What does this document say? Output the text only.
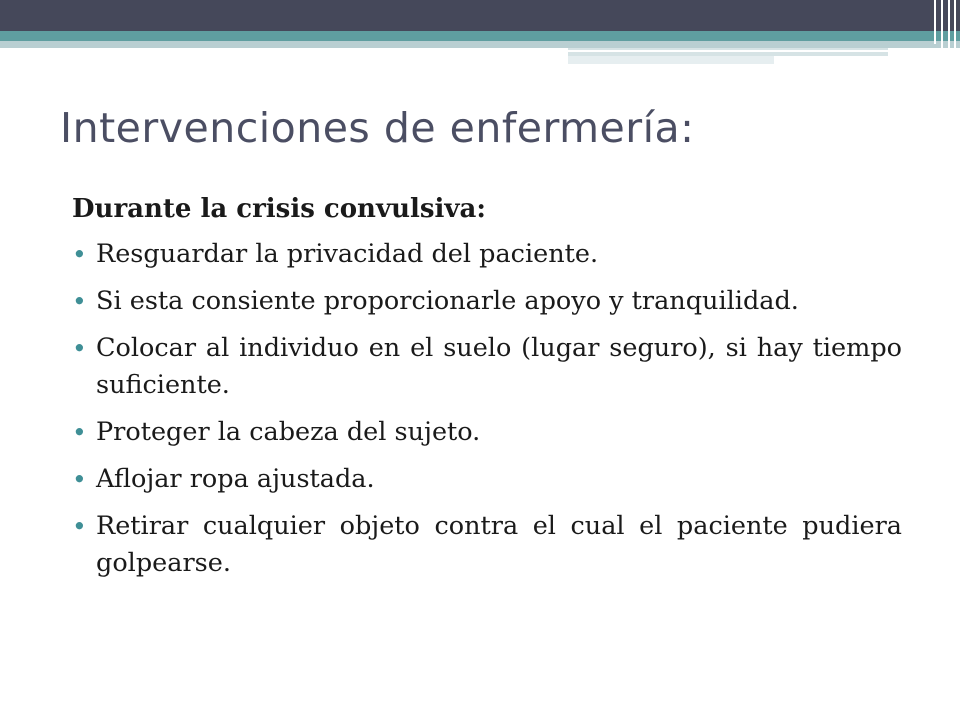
Intervenciones de enfermería:
Durante la crisis convulsiva:
• Resguardar la privacidad del paciente.
• Si esta consiente proporcionarle apoyo y tranquilidad.
• Colocar al individuo en el suelo (lugar seguro), si hay tiempo suficiente.
• Proteger la cabeza del sujeto.
• Aflojar ropa ajustada.
• Retirar cualquier objeto contra el cual el paciente pudiera golpearse.
